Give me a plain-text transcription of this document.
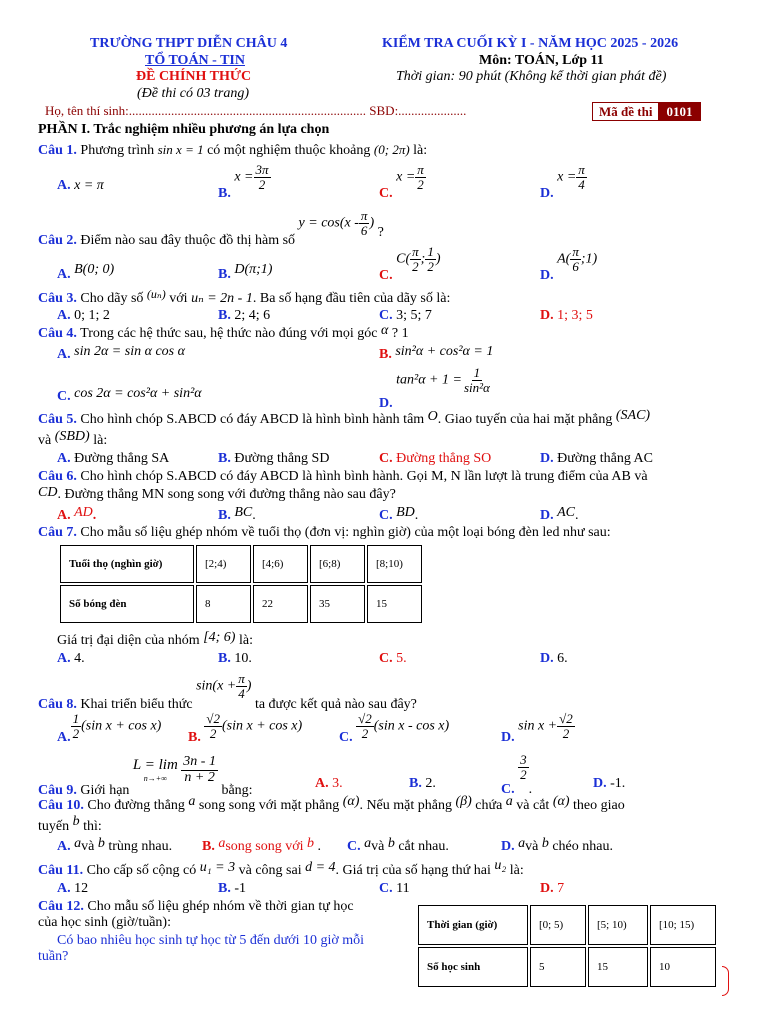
TRƯỜNG THPT DIỄN CHÂU 4
TỔ TOÁN - TIN
ĐỀ CHÍNH THỨC
(Đề thi có 03 trang)
KIỂM TRA CUỐI KỲ I - NĂM HỌC 2025 - 2026
Môn: TOÁN, Lớp 11
Thời gian: 90 phút (Không kể thời gian phát đề)
Họ, tên thí sinh:......................................................................... SBD:.....................	Mã đề thi	0101
PHẦN I. Trắc nghiệm nhiều phương án lựa chọn
Câu 1. Phương trình sin x = 1 có một nghiệm thuộc khoảng (0; 2π) là:
A. x = π
B. $x = \frac{3\pi}{2}$
C. $x = \frac{\pi}{2}$
D. $x = \frac{\pi}{4}$
Câu 2. Điểm nào sau đây thuộc đồ thị hàm số $y = \cos(x - \frac{\pi}{6}$ ) ?
A. B(0; 0)	B. D(π;1)	C. $C( \frac{\pi}{2}$ ; $\frac{1}{2}$ )
D. $A( \frac{\pi}{6}$ ;1)
Câu 3. Cho dãy số (uₙ) với uₙ = 2n - 1. Ba số hạng đầu tiên của dãy số là:
A. 0; 1; 2	B. 2; 4; 6	C. 3; 5; 7	D. 1; 3; 5
Câu 4. Trong các hệ thức sau, hệ thức nào đúng với mọi góc α ? 1
A. sin 2α = sin α cos α	B. sin²α + cos²α = 1
C. cos 2α = cos²α + sin²α
D. $\tan^2\alpha + 1 = \frac{1}{\text{sin²α}}$
Câu 5. Cho hình chóp S.ABCD có đáy ABCD là hình bình hành tâm O. Giao tuyến của hai mặt phẳng (SAC)
và (SBD) là:
A. Đường thẳng SA	B. Đường thẳng SD	C. Đường thẳng SO	D. Đường thẳng AC
Câu 6. Cho hình chóp S.ABCD có đáy ABCD là hình bình hành. Gọi M, N lần lượt là trung điểm của AB và
CD. Đường thẳng MN song song với đường thẳng nào sau đây?
A. AD.	B. BC.	C. BD.	D. AC.
Câu 7. Cho mẫu số liệu ghép nhóm về tuổi thọ (đơn vị: nghìn giờ) của một loại bóng đèn led như sau:
Tuổi thọ (nghìn giờ)	[2;4)	[4;6)	[6;8)	[8;10)
Số bóng đèn	8	22	35	15
Giá trị đại diện của nhóm [4; 6) là:
A. 4.	B. 10.	C. 5.	D. 6.
Câu 8. Khai triển biểu thức $\sin(x + \frac{\pi}{4}$ ) ta được kết quả nào sau đây?
A. $\frac{1}{2} (\sin$ x + cos x)
B. $\frac{√2}{2} (\sin$ x + cos x)
C. $\frac{√2}{2} (\sin$ x - cos x)
D. $\sin x + \frac{√2}{2}$
Câu 9. Giới hạn
L = lim
n→+∞
$\frac{3n - 1}{n + 2}$
bằng:	A. 3.	B. 2.	C.
$\frac{3}{2}$
.	D. -1.
Câu 10. Cho đường thẳng a song song với mặt phẳng (α). Nếu mặt phẳng (β) chứa a và cắt (α) theo giao
tuyến b thì:
A. avà b trùng nhau. B. asong song với b . C. avà b cắt nhau.	D. avà b chéo nhau.
Câu 11. Cho cấp số cộng có u₁ = 3 và công sai d = 4. Giá trị của số hạng thứ hai u₂ là:
A. 12	B. -1	C. 11	D. 7
Câu 12. Cho mẫu số liệu ghép nhóm về thời gian tự học
của học sinh (giờ/tuần):
Có bao nhiêu học sinh tự học từ 5 đến dưới 10 giờ mỗi
tuần?
Thời gian (giờ)	[0; 5)	[5; 10)	[10; 15)
Số học sinh	5	15	10
